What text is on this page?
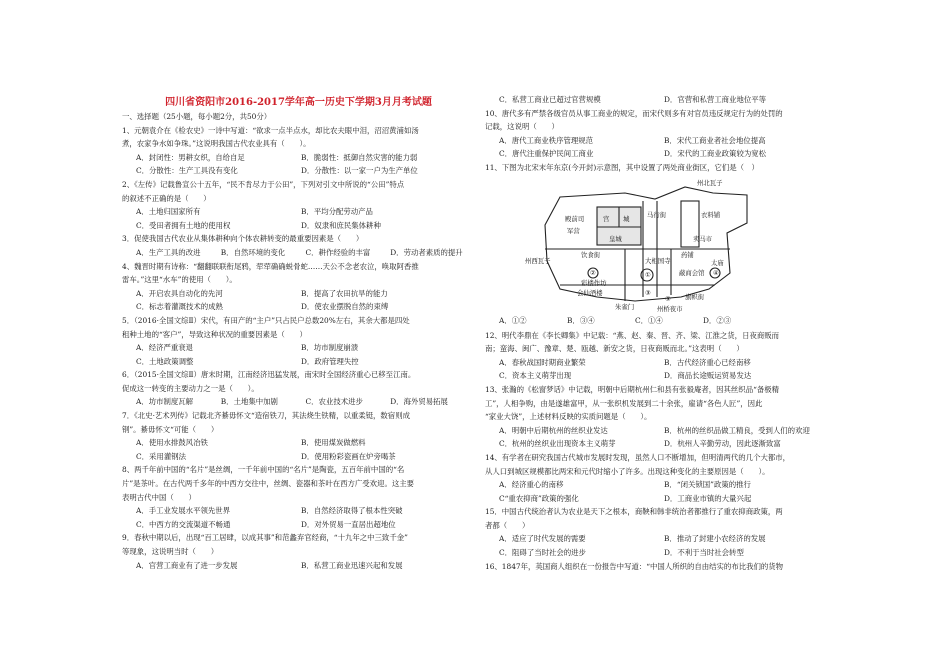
四川省资阳市2016-2017学年高一历史下学期3月月考试题
一、选择题（25小题，每小题2分，共50分）
1、元朝袁介在《检农史》一诗中写道：“欲求一点半点水，却比农夫眼中泪，沼沼黄浦如汤
煮，农家争水如争珠。”这说明我国古代农业具有（　　）。
A．封闭性：男耕女织，自给自足	B．脆弱性：抵御自然灾害的能力弱
C．分散性：生产工具没有变化	D．分散性：以一家一户为生产单位
2、《左传》记载鲁宣公十五年，“民不肯尽力于公田”，下列对引文中所说的“公田”特点
的叙述不正确的是（　　）
A．土地归国家所有	B．平均分配劳动产品
C．受田者拥有土地的使用权	D．奴隶和庶民集体耕种
3．促使我国古代农业从集体耕种向个体农耕转变的最重要因素是（　　）
A．生产工具的改进	B．自然环境的变化	C．耕作经验的丰富	D．劳动者素质的提升
4、魏晋时期有诗称：“翻翻联联衔尾鸦，荦荦确确蜕骨蛇……天公不念老农泣，唤取阿香推
雷车。”这里“水车”的使用（　　）。
A．开启农具自动化的先河	B．提高了农田抗旱的能力
C．标志着灌溉技术的成熟	D．使农业摆脱自然的束缚
5．（2016·全国文综Ⅱ）宋代，有田产的“主户”只占民户总数20%左右，其余大都是四处
租种土地的“客户”，导致这种状况的重要因素是（　　）
A．经济严重衰退	B．坊市制度崩溃
C．土地政策调整	D．政府管理失控
6．（2015·全国文综Ⅱ）唐末时期，江南经济迅猛发展，南宋时全国经济重心已移至江南。
促成这一转变的主要动力之一是（　　）。
A．坊市制度瓦解	B．土地集中加剧	C．农业技术进步	D．海外贸易拓展
7．《北史·艺术列传》记载北齐綦毋怀文“造宿铁刀，其法烧生铁精，以重柔铤，数宿则成
钢”。綦毋怀文“可能（　　）
A．使用水排鼓风冶铁	B．使用煤炭做燃料
C．采用灌钢法	D．使用粉彩瓷画在炉旁喝茶
8、两千年前中国的“名片”是丝绸，一千年前中国的“名片”是陶瓷，五百年前中国的“名
片”是茶叶。在古代两千多年的中西方交往中，丝绸、瓷器和茶叶在西方广受欢迎。这主要
表明古代中国（　　）
A．手工业发展水平领先世界	B．自然经济取得了根本性突破
C．中西方的交流渠道不畅通	D．对外贸易一直居出超地位
9．春秋中期以后，出现“百工居肆，以成其事”和范蠡弃官经商，“十九年之中三致千金”
等现象，这说明当时（　　）
A．官营工商业有了进一步发展	B．私营工商业迅速兴起和发展
C．私营工商业已超过官营规模	D．官营和私营工商业地位平等
10、唐代多有严禁各级官员从事工商业的规定，而宋代则多有对官员违反规定行为的处罚的
记载，这说明（　　）
A．唐代工商业秩序管理规范	B．宋代工商业者社会地位提高
C．唐代注重保护民间工商业	D．宋代的工商业政策较为宽松
11、下图为北宋末年东京(今开封)示意图，其中设置了两处商业街区，它们是（　）
州北瓦子
宫 城
皇城
殿前司
军营
马行街	衣料铺
卖马市
饮食街	药铺
大相国寺	太庙
州西瓦子
②
彩楼作坊
④
蔽商会馆
会仙酒楼	③	旗帜街
朱雀门	州桥夜市
①
③
A．①②	B．③④	C．①④	D．②③
12、明代李鼎在《李长卿集》中记载：“燕、赵、秦、晋、齐、梁、江淮之货，日夜商贩而
南；蛮海、闽广、豫章、楚、瓯越、新安之货，日夜商贩而北。”这表明（　　）
A．春秋战国时期商业繁荣	B．古代经济重心已经南移
C．资本主义萌芽出现	D．商品长途贩运贸易发达
13、张瀚的《松窗梦话》中记载，明朝中后期杭州仁和县有张毅庵者，因其丝织品“备极精
工”，人相争购，由是遂雄富甲，从一张织机发展到二十余张，雇请“各色人匠”，因此
“家业大饶”，上述材料反映的实质问题是（　　）。
A．明朝中后期杭州的丝织业发达	B．杭州的丝织品做工精良，受到人们的欢迎
C．杭州的丝织业出现资本主义萌芽	D．杭州人辛勤劳动，因此逐渐致富
14、有学者在研究我国古代城市发展时发现，虽然人口不断增加，但明清两代的几个大都市，
从人口到城区规模都比两宋和元代时缩小了许多。出现这种变化的主要原因是（　　）。
A．经济重心的南移	B．“闭关锁国”政策的推行
C“重农抑商”政策的强化	D．工商业市镇的大量兴起
15．中国古代统治者认为农业是天下之根本，商鞅和韩非统治者都推行了重农抑商政策，两
者都（　　）
A．适应了时代发展的需要	B．推动了封建小农经济的发展
C．阻碍了当时社会的进步	D．不利于当时社会转型
16、1847年，英国商人组织在一份报告中写道：“中国人所织的自由结实的布比我们的货物
